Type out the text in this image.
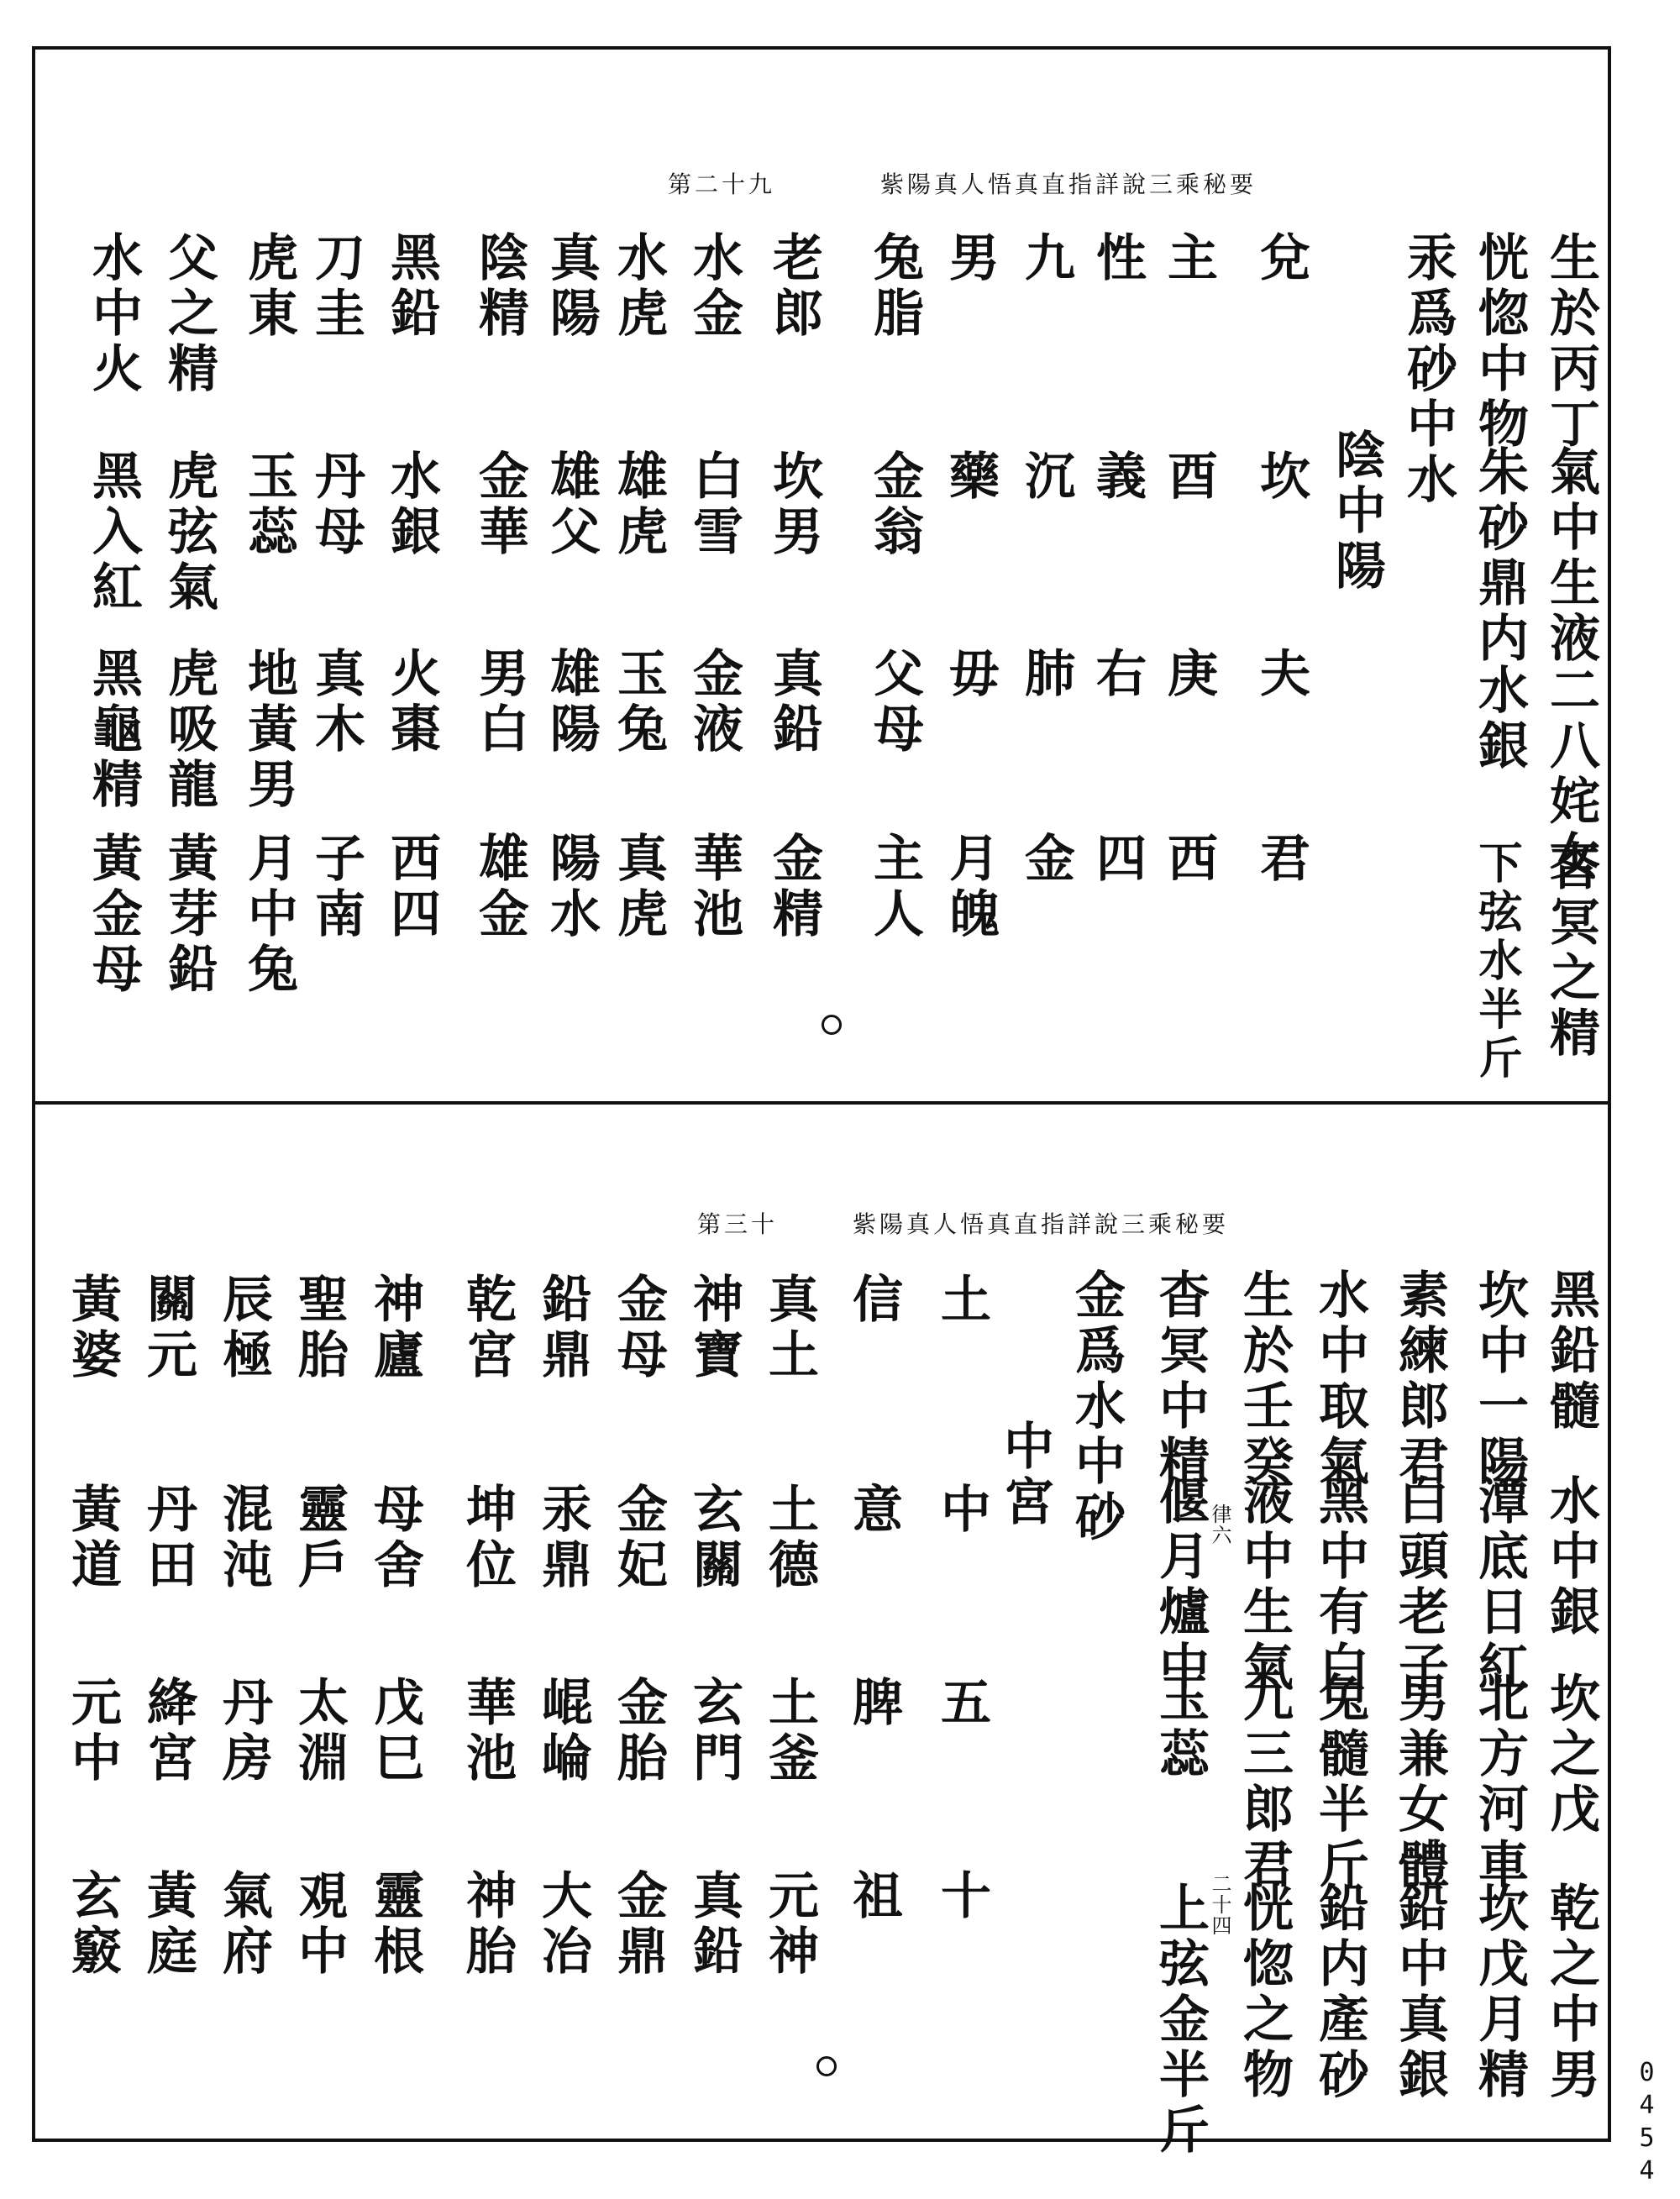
紫陽真人悟真直指詳說三乘秘要
第二十九
生於丙丁
恍惚中物
汞爲砂中水
氣中生液
朱砂鼎内
陰中陽
二八姹女
水銀
杳冥之精
下弦水半斤
兌
主
性
九
男
兔脂
老郎
水金
水虎
真陽
陰精
黑鉛
刀圭
虎東
父之精
水中火
坎
酉
義
沉
藥
金翁
坎男
白雪
雄虎
雄父
金華
水銀
丹母
玉蕊
虎弦氣
黑入紅
夫
庚
右
肺
毋
父母
真鉛
金液
玉兔
雄陽
男白
火棗
真木
地黃男
虎吸龍
黑龜精
君
西
四
金
月魄
主人
金精
華池
真虎
陽水
雄金
西四
子南
月中兔
黃芽鉛
黃金母
紫陽真人悟真直指詳說三乘秘要
第三十
黑鉛髓
坎中一陽
素練郎君
水中取氣
生於壬癸
杳冥中精
金爲水中砂
水中銀
潭底日紅
白頭老子
黑中有白
液中生氣
偃月爐中
律六
坎之戊
北方河車
男兼女體
兔髓半斤
九三郎君
玉蕊
二十四	乾之中男
坎戊月精
鉛中真銀
鉛内產砂
恍惚之物
上弦金半斤
中宮
土
信
真土
神寶
金母
鉛鼎
乾宮
神廬
聖胎
辰極
關元
黃婆
中
意
土德
玄關
金妃
汞鼎
坤位
母舍
靈戶
混沌
丹田
黃道
五
脾
土釜
玄門
金胎
崐崘
華池
戊巳
太淵
丹房
絳宮
元中
十
祖
元神
真鉛
金鼎
大冶
神胎
靈根
覌中
氣府
黃庭
玄竅
0454
